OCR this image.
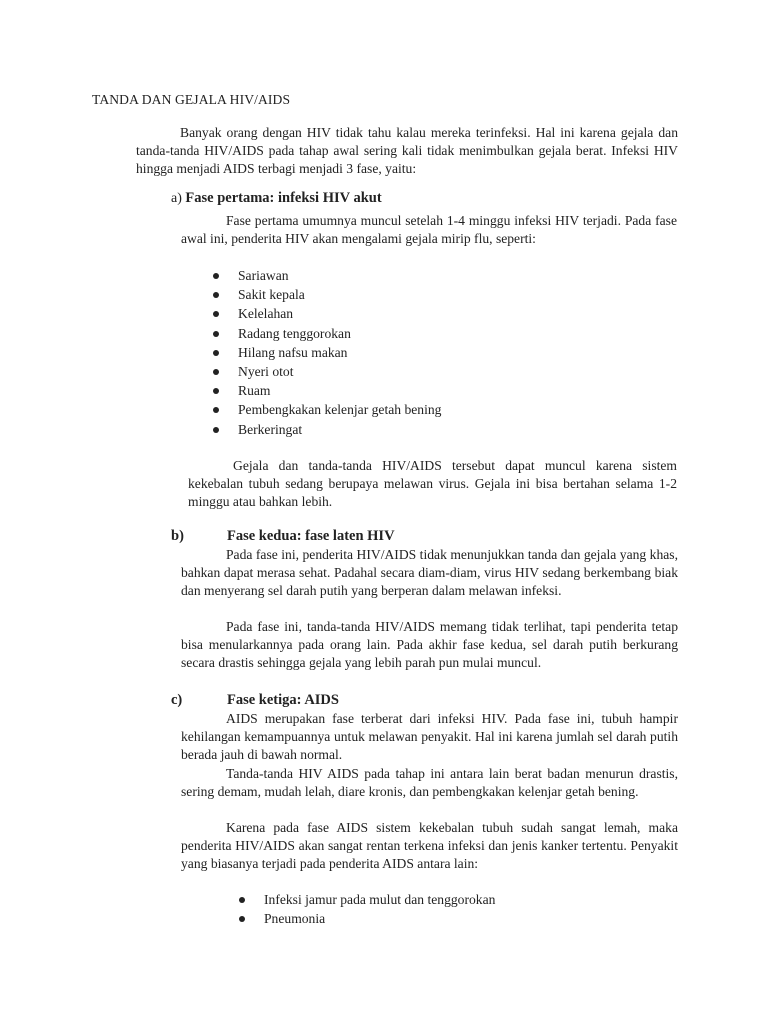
TANDA DAN GEJALA HIV/AIDS
Banyak orang dengan HIV tidak tahu kalau mereka terinfeksi. Hal ini karena gejala dan tanda-tanda HIV/AIDS pada tahap awal sering kali tidak menimbulkan gejala berat. Infeksi HIV hingga menjadi AIDS terbagi menjadi 3 fase, yaitu:
a) Fase pertama: infeksi HIV akut
Fase pertama umumnya muncul setelah 1-4 minggu infeksi HIV terjadi. Pada fase awal ini, penderita HIV akan mengalami gejala mirip flu, seperti:
Sariawan
Sakit kepala
Kelelahan
Radang tenggorokan
Hilang nafsu makan
Nyeri otot
Ruam
Pembengkakan kelenjar getah bening
Berkeringat
Gejala dan tanda-tanda HIV/AIDS tersebut dapat muncul karena sistem kekebalan tubuh sedang berupaya melawan virus. Gejala ini bisa bertahan selama 1-2 minggu atau bahkan lebih.
b)	Fase kedua: fase laten HIV
Pada fase ini, penderita HIV/AIDS tidak menunjukkan tanda dan gejala yang khas, bahkan dapat merasa sehat. Padahal secara diam-diam, virus HIV sedang berkembang biak dan menyerang sel darah putih yang berperan dalam melawan infeksi.
Pada fase ini, tanda-tanda HIV/AIDS memang tidak terlihat, tapi penderita tetap bisa menularkannya pada orang lain. Pada akhir fase kedua, sel darah putih berkurang secara drastis sehingga gejala yang lebih parah pun mulai muncul.
c)	Fase ketiga: AIDS
AIDS merupakan fase terberat dari infeksi HIV. Pada fase ini, tubuh hampir kehilangan kemampuannya untuk melawan penyakit. Hal ini karena jumlah sel darah putih berada jauh di bawah normal.
Tanda-tanda HIV AIDS pada tahap ini antara lain berat badan menurun drastis, sering demam, mudah lelah, diare kronis, dan pembengkakan kelenjar getah bening.
Karena pada fase AIDS sistem kekebalan tubuh sudah sangat lemah, maka penderita HIV/AIDS akan sangat rentan terkena infeksi dan jenis kanker tertentu. Penyakit yang biasanya terjadi pada penderita AIDS antara lain:
Infeksi jamur pada mulut dan tenggorokan
Pneumonia
